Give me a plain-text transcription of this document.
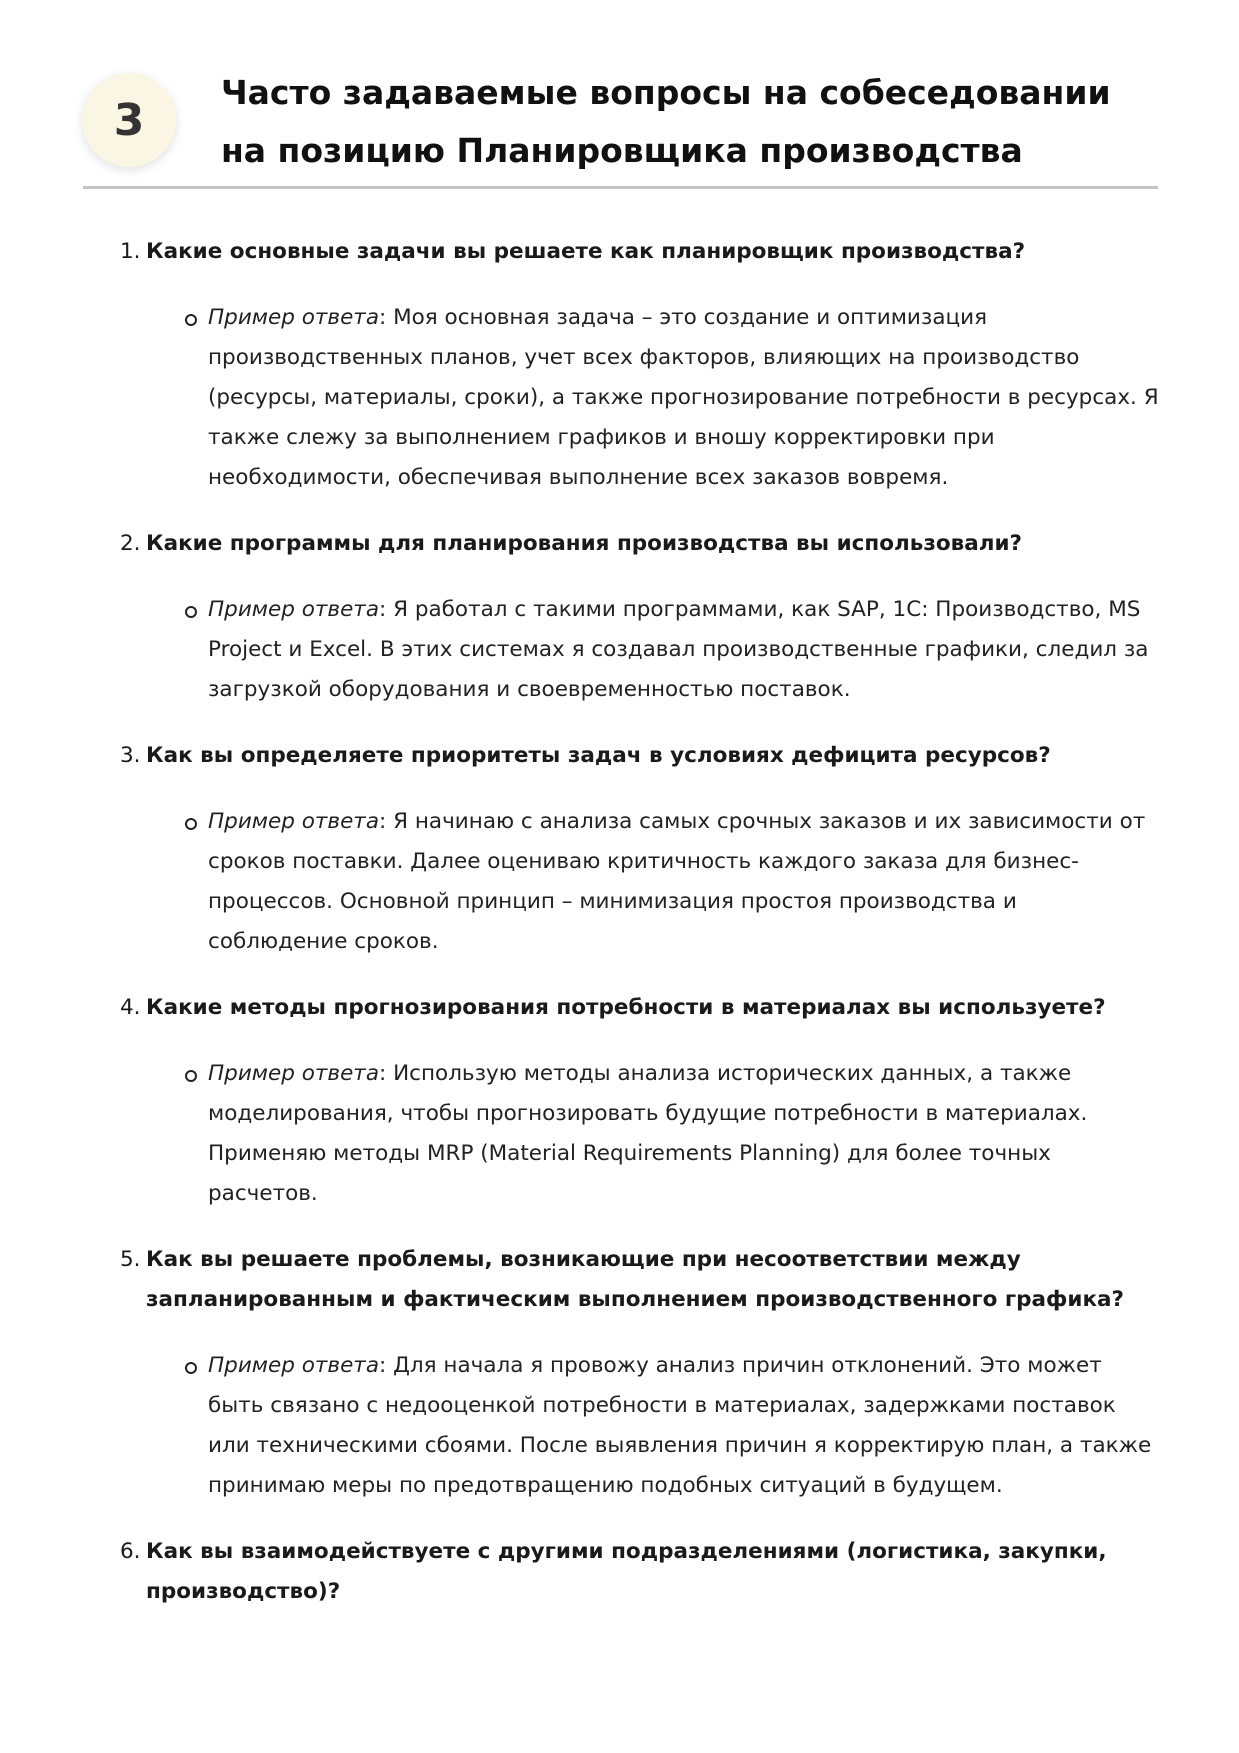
3
Часто задаваемые вопросы на собеседовании на позицию Планировщика производства
1. Какие основные задачи вы решаете как планировщик производства?
Пример ответа: Моя основная задача – это создание и оптимизация производственных планов, учет всех факторов, влияющих на производство (ресурсы, материалы, сроки), а также прогнозирование потребности в ресурсах. Я также слежу за выполнением графиков и вношу корректировки при необходимости, обеспечивая выполнение всех заказов вовремя.
2. Какие программы для планирования производства вы использовали?
Пример ответа: Я работал с такими программами, как SAP, 1С: Производство, MS Project и Excel. В этих системах я создавал производственные графики, следил за загрузкой оборудования и своевременностью поставок.
3. Как вы определяете приоритеты задач в условиях дефицита ресурсов?
Пример ответа: Я начинаю с анализа самых срочных заказов и их зависимости от сроков поставки. Далее оцениваю критичность каждого заказа для бизнес-процессов. Основной принцип – минимизация простоя производства и соблюдение сроков.
4. Какие методы прогнозирования потребности в материалах вы используете?
Пример ответа: Использую методы анализа исторических данных, а также моделирования, чтобы прогнозировать будущие потребности в материалах. Применяю методы MRP (Material Requirements Planning) для более точных расчетов.
5. Как вы решаете проблемы, возникающие при несоответствии между запланированным и фактическим выполнением производственного графика?
Пример ответа: Для начала я провожу анализ причин отклонений. Это может быть связано с недооценкой потребности в материалах, задержками поставок или техническими сбоями. После выявления причин я корректирую план, а также принимаю меры по предотвращению подобных ситуаций в будущем.
6. Как вы взаимодействуете с другими подразделениями (логистика, закупки, производство)?
